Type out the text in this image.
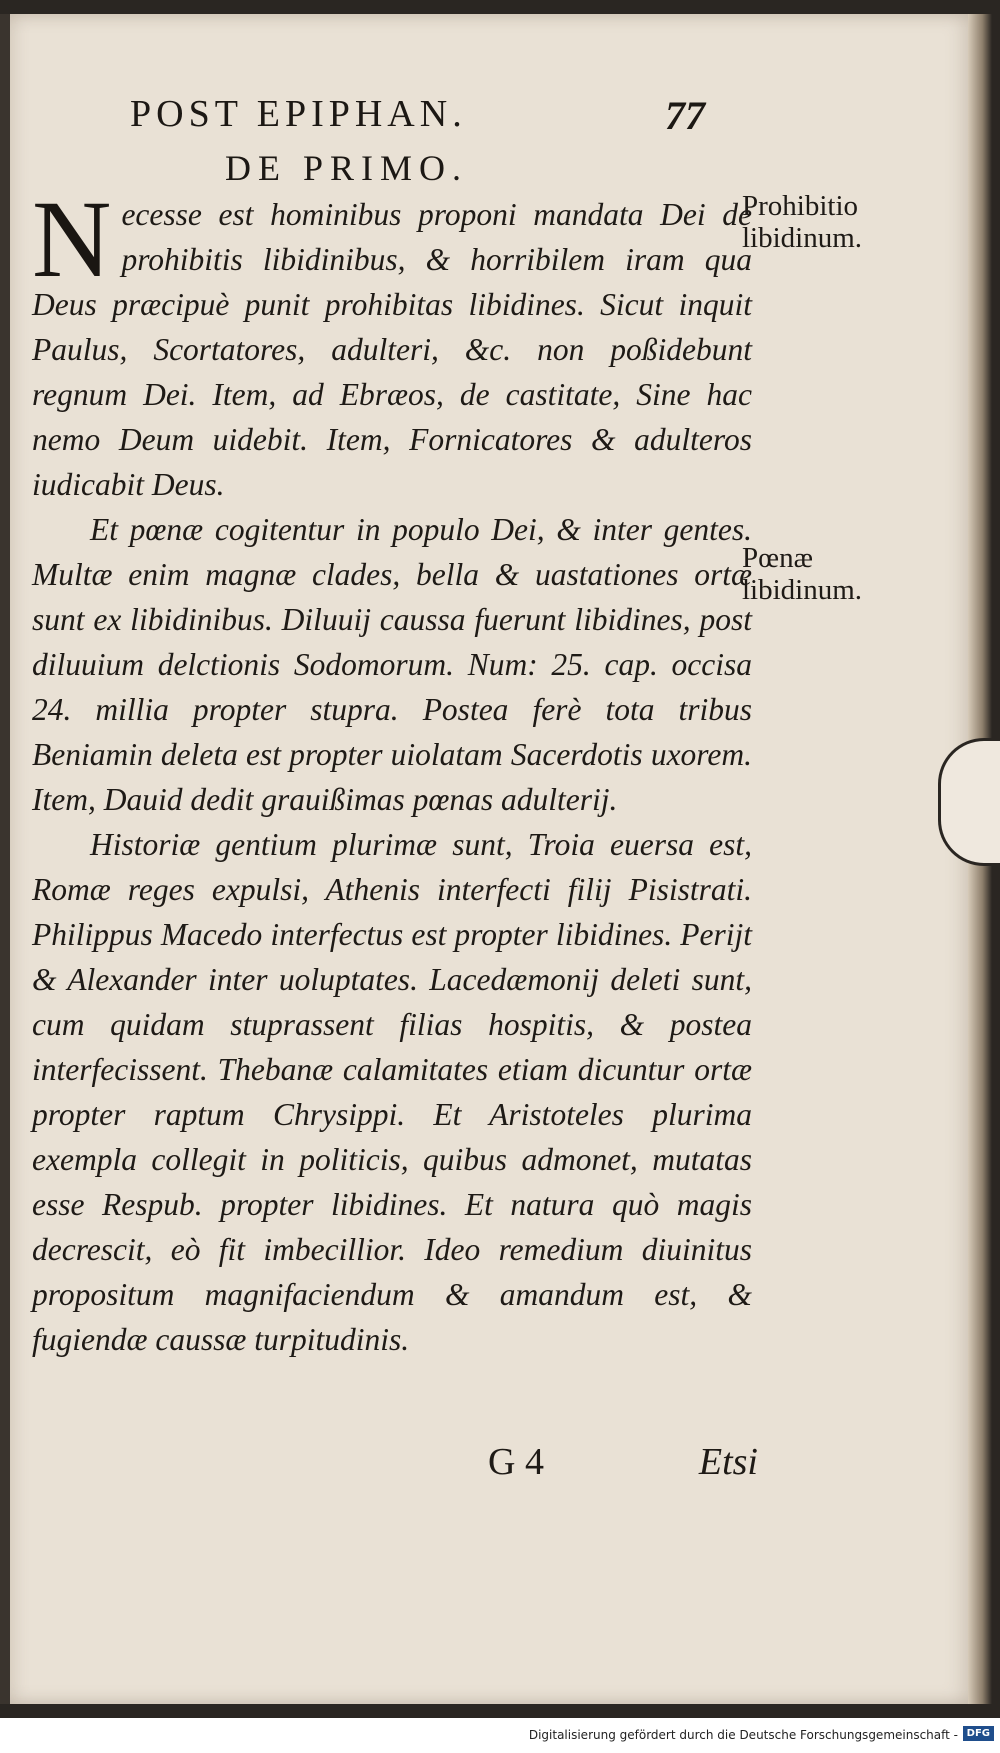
POST EPIPHAN.	77
DE PRIMO.

Necesse est hominibus proponi mandata Dei de prohibitis libidinibus, & horribilem iram qua Deus præcipuè punit prohibitas libidines. Sicut inquit Paulus, Scortatores, adulteri, &c. non poßidebunt regnum Dei. Item, ad Ebræos, de castitate, Sine hac nemo Deum uidebit. Item, Fornicatores & adulteros iudicabit Deus.

Et pœnæ cogitentur in populo Dei, & inter gentes. Multæ enim magnæ clades, bella & uastationes ortæ sunt ex libidinibus. Diluuij caussa fuerunt libidines, post diluuium delctionis Sodomorum. Num: 25. cap. occisa 24. millia propter stupra. Postea ferè tota tribus Beniamin deleta est propter uiolatam Sacerdotis uxorem. Item, Dauid dedit grauißimas pœnas adulterij.

Historiæ gentium plurimæ sunt, Troia euersa est, Romæ reges expulsi, Athenis interfecti filij Pisistrati. Philippus Macedo interfectus est propter libidines. Perijt & Alexander inter uoluptates. Lacedæmonij deleti sunt, cum quidam stuprassent filias hospitis, & postea interfecissent. Thebanæ calamitates etiam dicuntur ortæ propter raptum Chrysippi. Et Aristoteles plurima exempla collegit in politicis, quibus admonet, mutatas esse Respub. propter libidines. Et natura quò magis decrescit, eò fit imbecillior. Ideo remedium diuinitus propositum magnifaciendum & amandum est, & fugiendæ caussæ turpitudinis.

Prohibitio libidinum.
Pœnæ libidinum.
G 4	Etsi
Digitalisierung gefördert durch die Deutsche Forschungsgemeinschaft - DFG
